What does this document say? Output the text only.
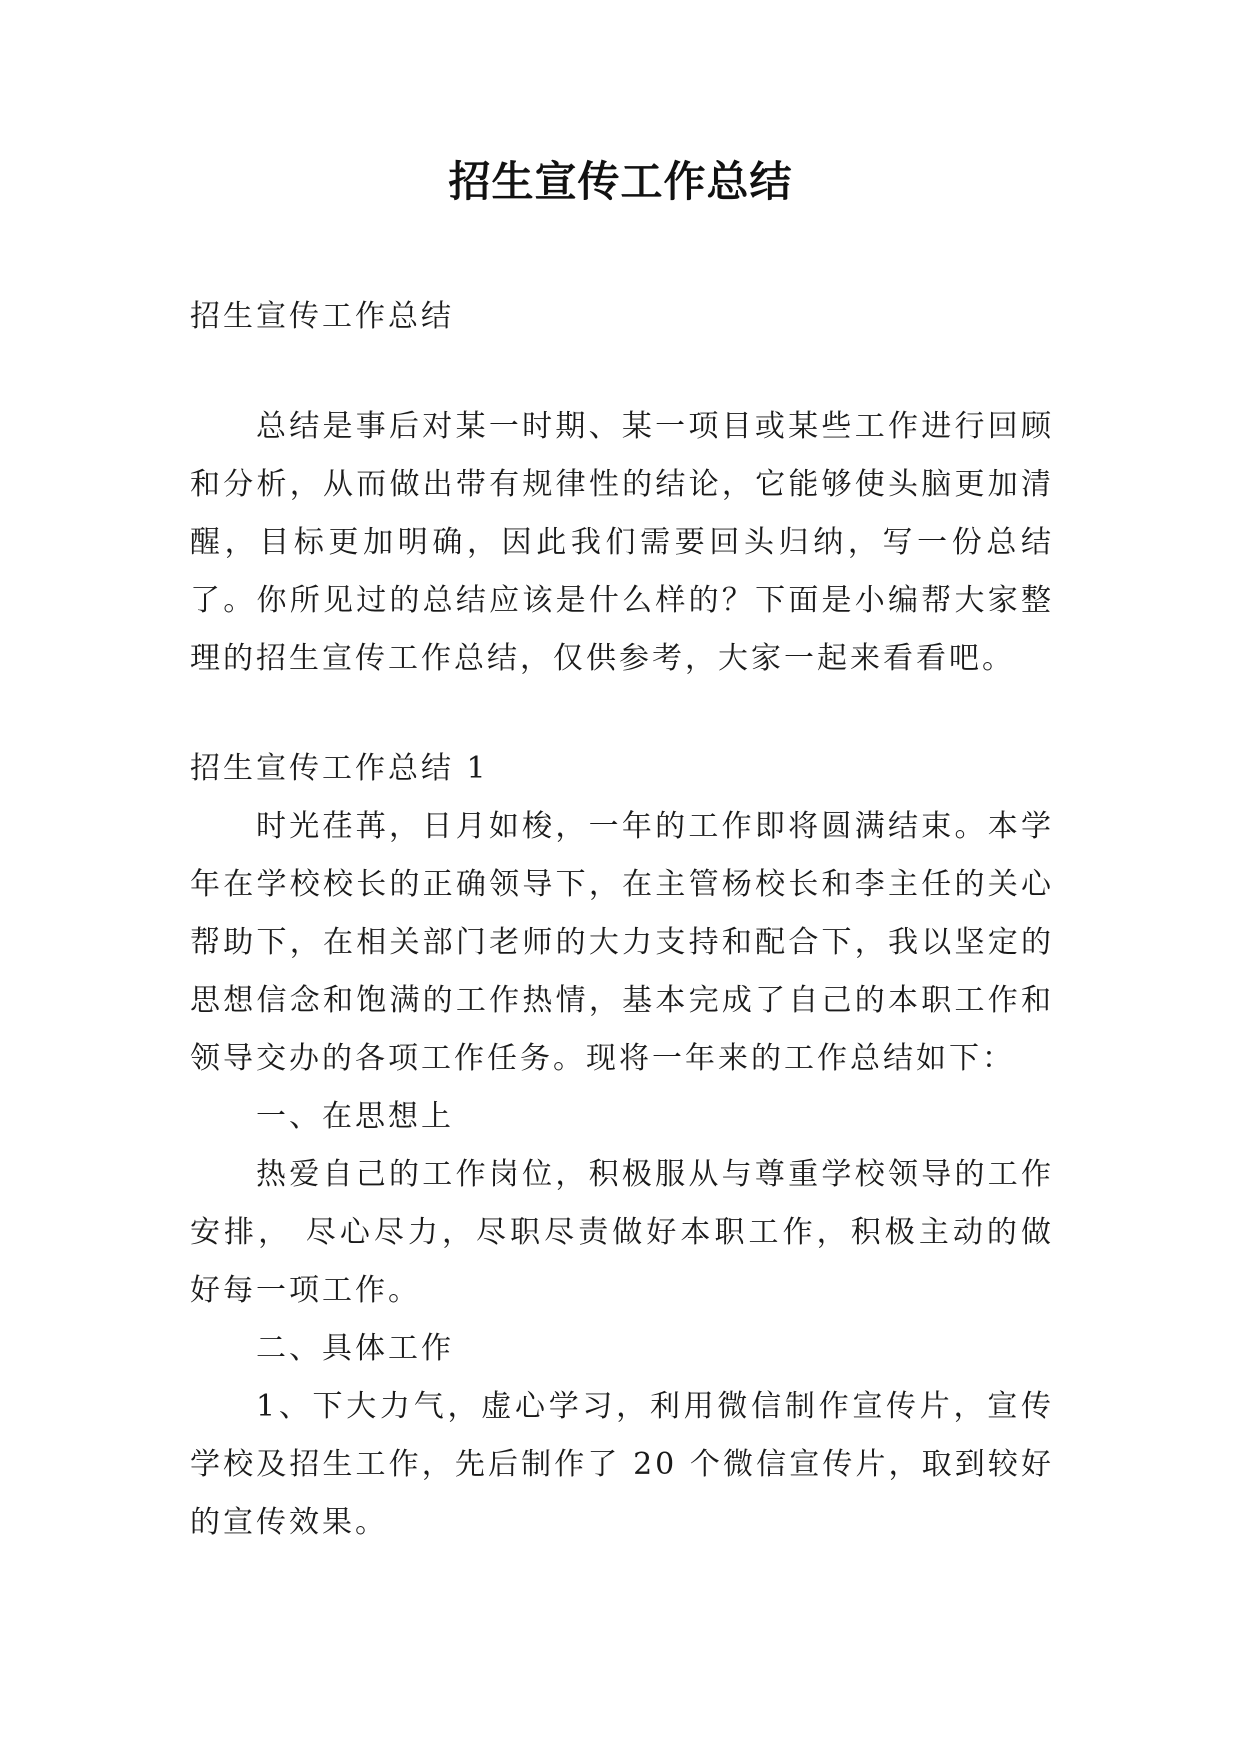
招生宣传工作总结

招生宣传工作总结

总结是事后对某一时期、某一项目或某些工作进行回顾和分析，从而做出带有规律性的结论，它能够使头脑更加清醒，目标更加明确，因此我们需要回头归纳，写一份总结了。你所见过的总结应该是什么样的？下面是小编帮大家整理的招生宣传工作总结，仅供参考，大家一起来看看吧。

招生宣传工作总结 1

时光荏苒，日月如梭，一年的工作即将圆满结束。本学年在学校校长的正确领导下，在主管杨校长和李主任的关心帮助下，在相关部门老师的大力支持和配合下，我以坚定的思想信念和饱满的工作热情，基本完成了自己的本职工作和领导交办的各项工作任务。现将一年来的工作总结如下：

一、在思想上

热爱自己的工作岗位，积极服从与尊重学校领导的工作安排， 尽心尽力，尽职尽责做好本职工作，积极主动的做好每一项工作。

二、具体工作

1、下大力气，虚心学习，利用微信制作宣传片，宣传学校及招生工作，先后制作了 20 个微信宣传片，取到较好的宣传效果。
